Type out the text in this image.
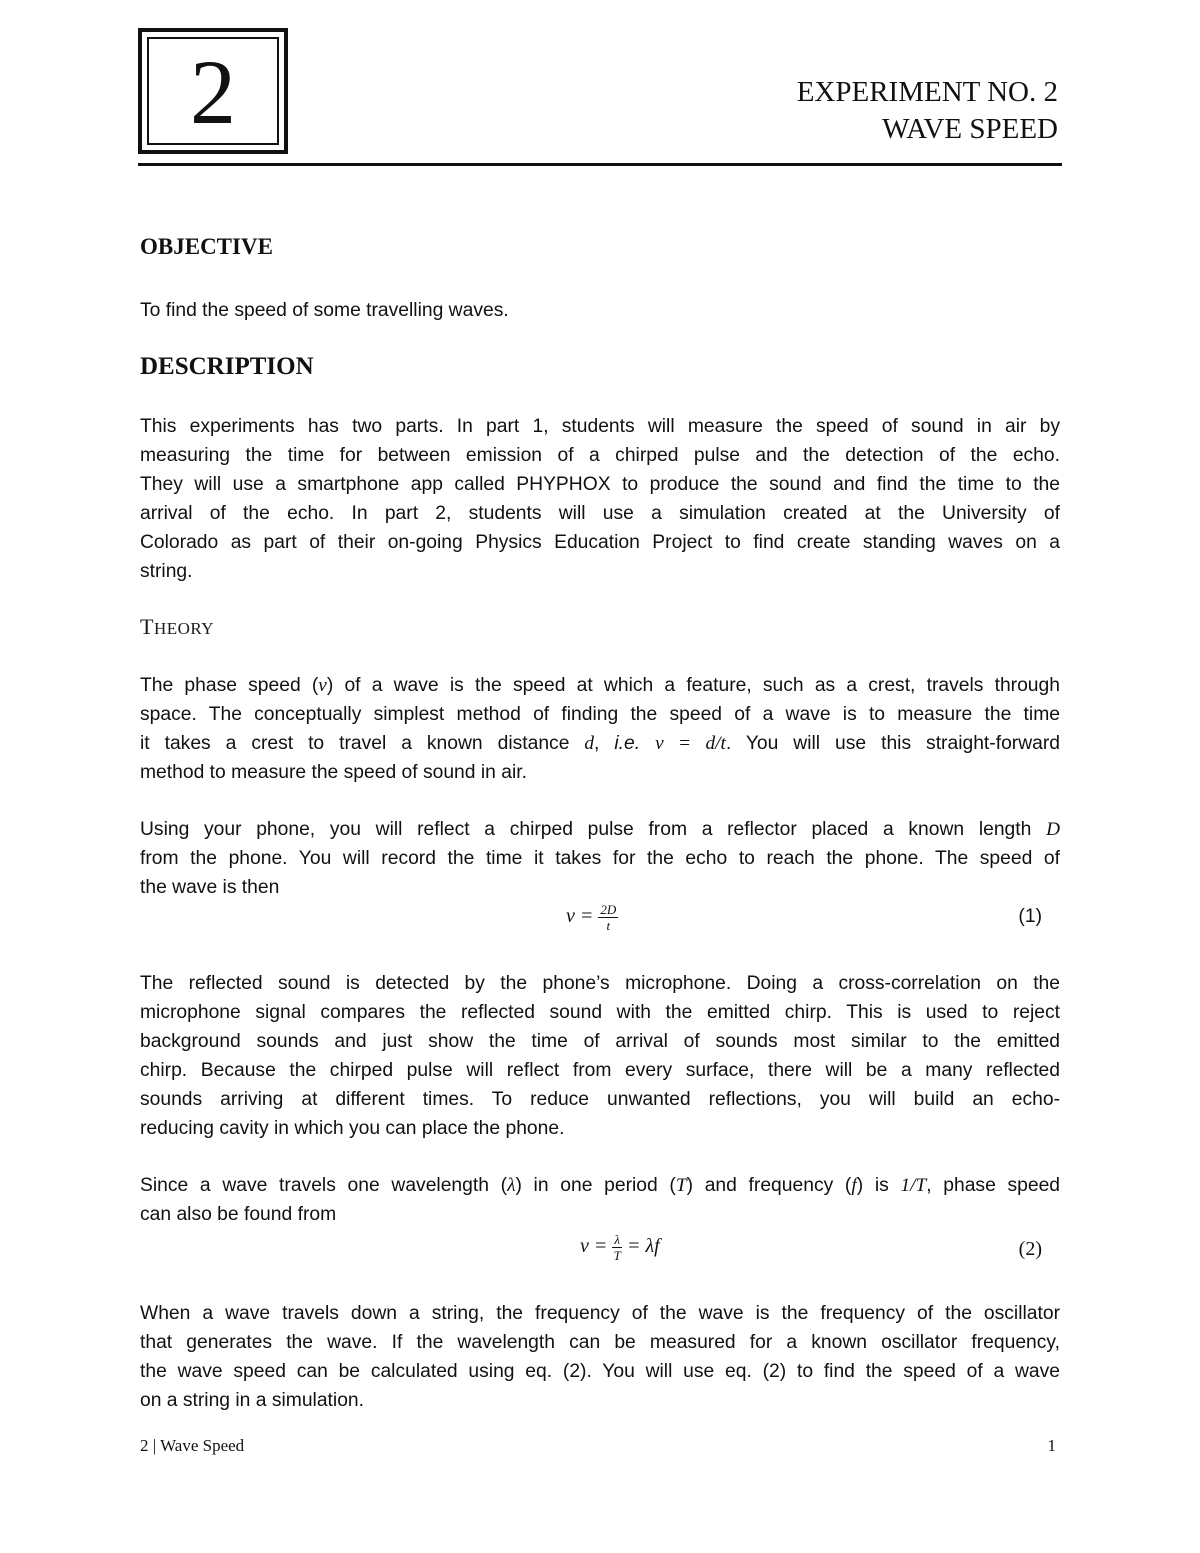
2	EXPERIMENT NO. 2
WAVE SPEED
OBJECTIVE
To find the speed of some travelling waves.
DESCRIPTION
This experiments has two parts. In part 1, students will measure the speed of sound in air by
measuring the time for between emission of a chirped pulse and the detection of the echo.
They will use a smartphone app called PHYPHOX to produce the sound and find the time to the
arrival of the echo. In part 2, students will use a simulation created at the University of
Colorado as part of their on-going Physics Education Project to find create standing waves on a
string.
THEORY
The phase speed (v) of a wave is the speed at which a feature, such as a crest, travels through
space. The conceptually simplest method of finding the speed of a wave is to measure the time
it takes a crest to travel a known distance d, i.e. v = d/t. You will use this straight-forward
method to measure the speed of sound in air.
Using your phone, you will reflect a chirped pulse from a reflector placed a known length D
from the phone. You will record the time it takes for the echo to reach the phone. The speed of
the wave is then
$v = \frac{2D}{t}$	(1)
The reflected sound is detected by the phone’s microphone. Doing a cross-correlation on the
microphone signal compares the reflected sound with the emitted chirp. This is used to reject
background sounds and just show the time of arrival of sounds most similar to the emitted
chirp. Because the chirped pulse will reflect from every surface, there will be a many reflected
sounds arriving at different times. To reduce unwanted reflections, you will build an echo-
reducing cavity in which you can place the phone.
Since a wave travels one wavelength (λ) in one period (T) and frequency (f) is 1/T, phase speed
can also be found from
$v = \frac{\lambda}{T} = \lambda f$	(2)
When a wave travels down a string, the frequency of the wave is the frequency of the oscillator
that generates the wave. If the wavelength can be measured for a known oscillator frequency,
the wave speed can be calculated using eq. (2). You will use eq. (2) to find the speed of a wave
on a string in a simulation.
2 | Wave Speed	1
